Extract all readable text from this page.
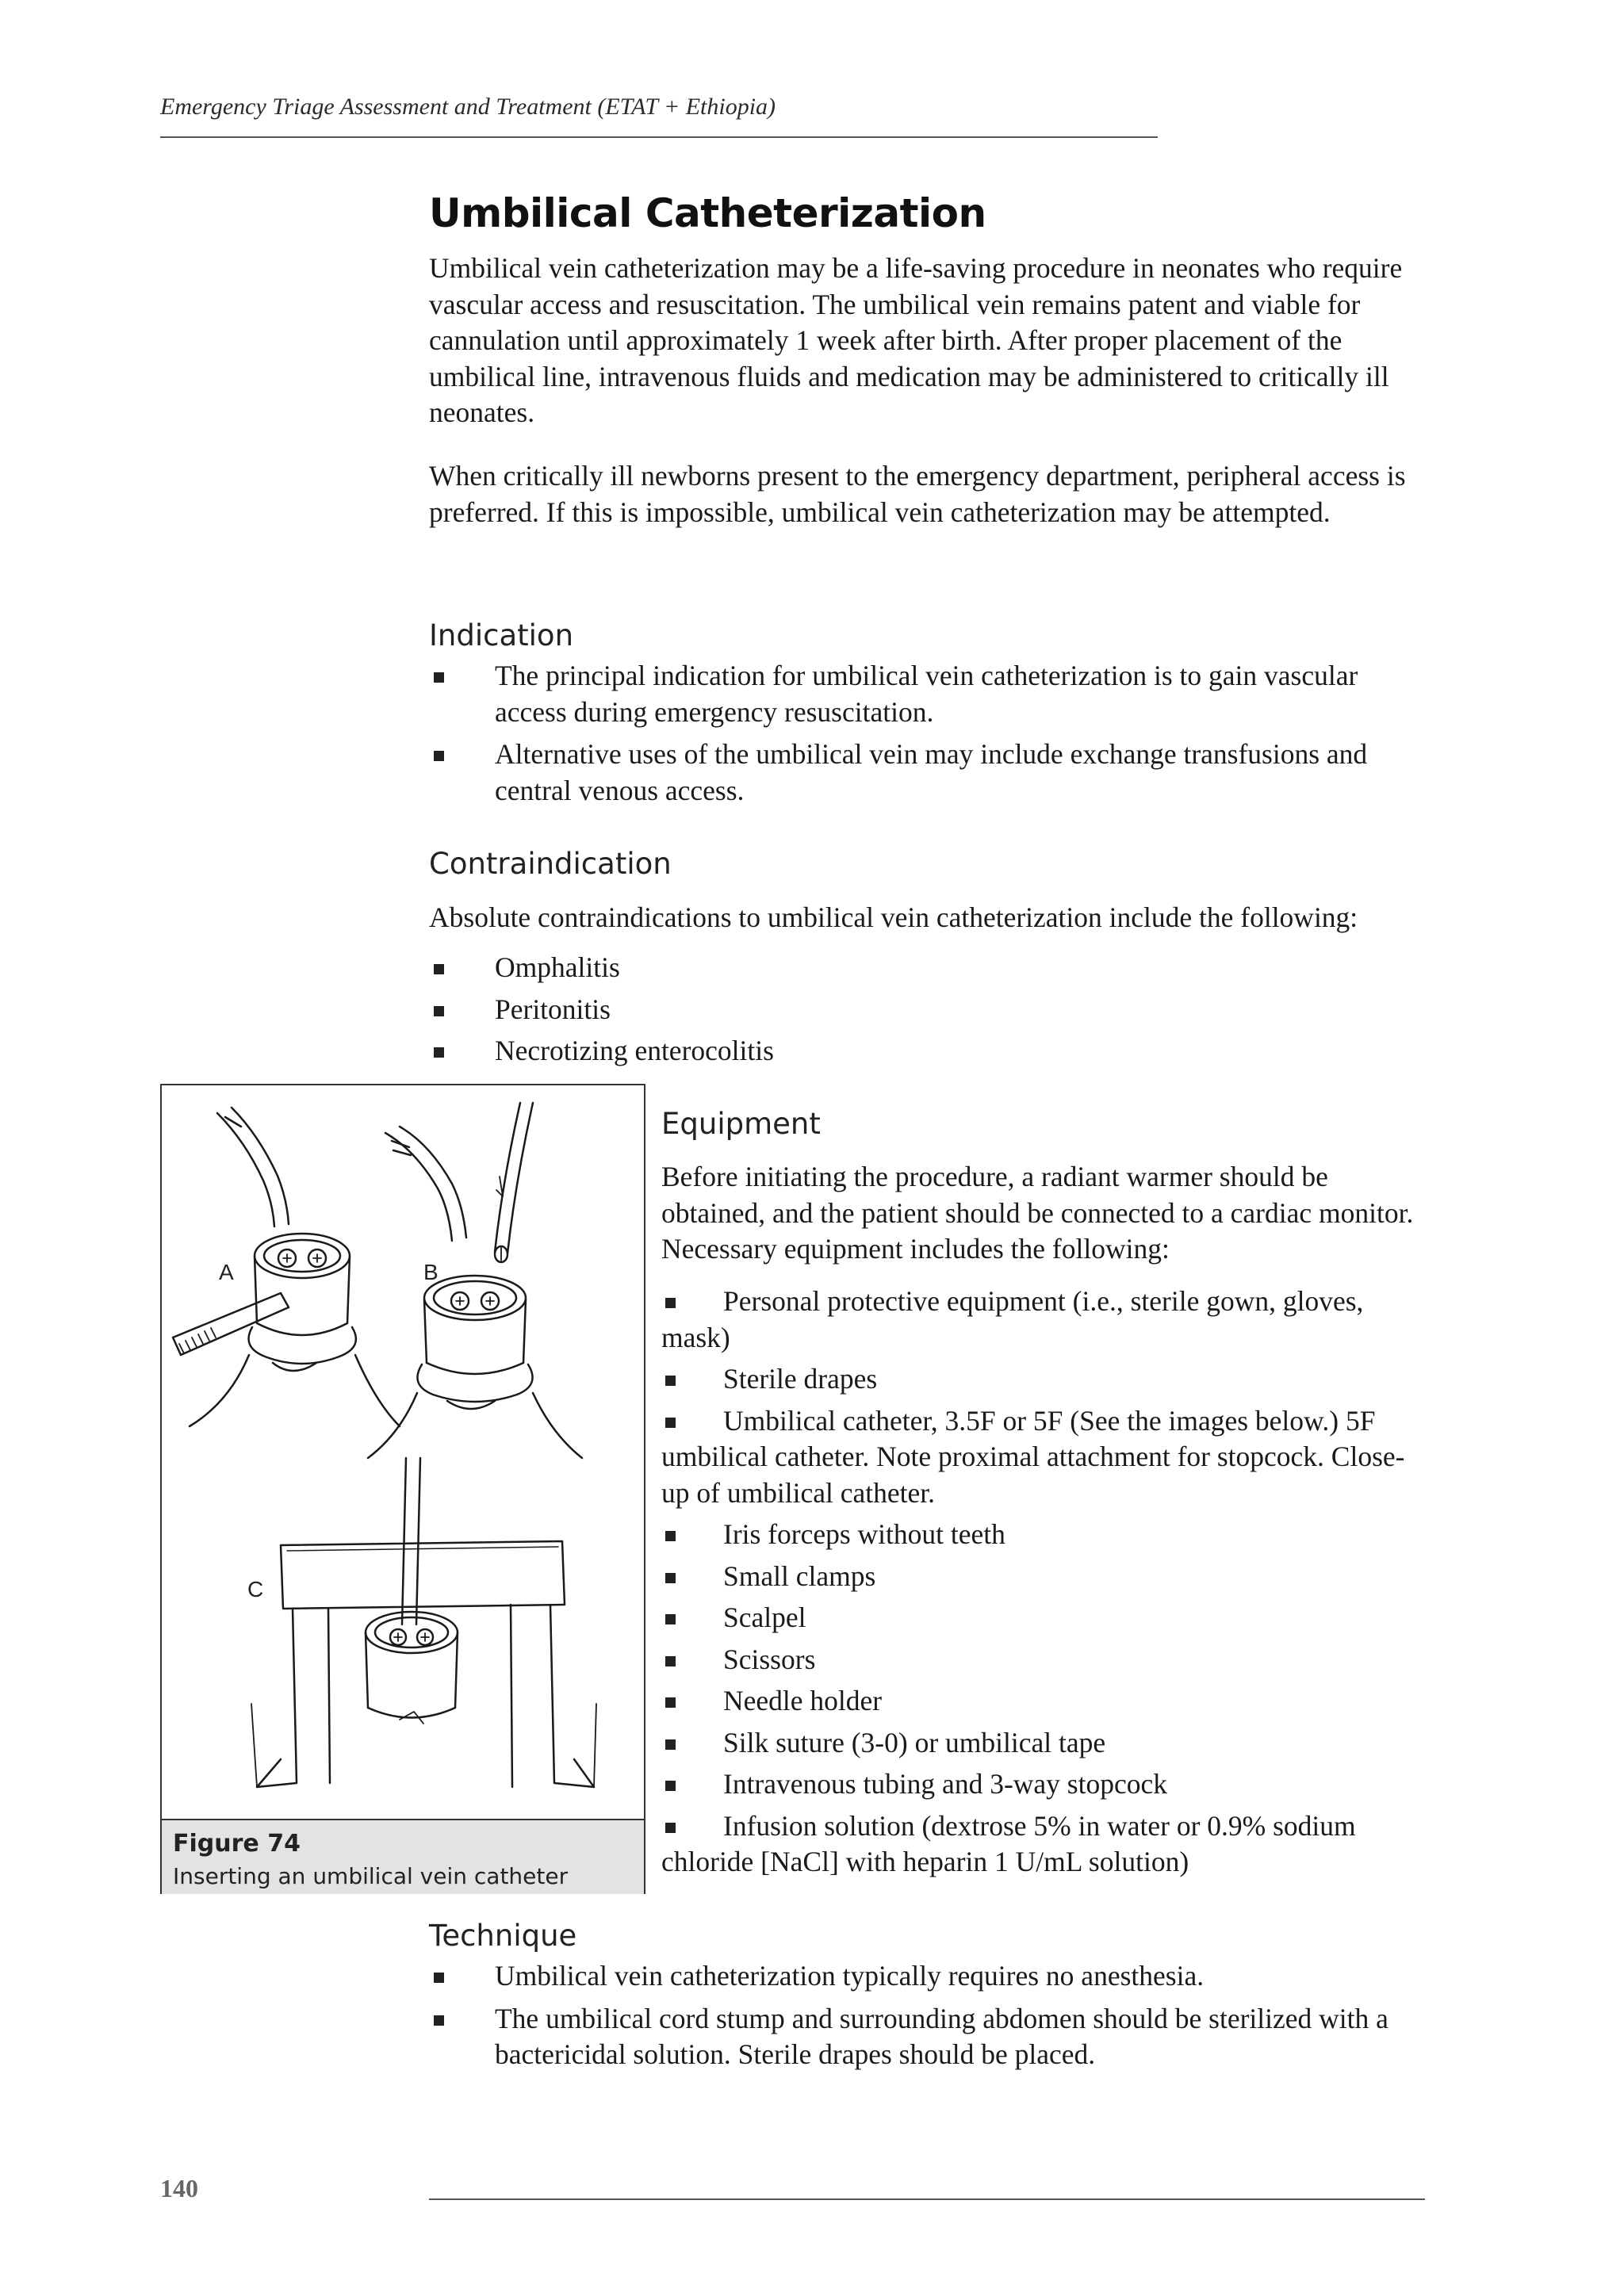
Emergency Triage Assessment and Treatment (ETAT + Ethiopia)
Umbilical Catheterization

Umbilical vein catheterization may be a life-saving procedure in neonates who require vascular access and resuscitation. The umbilical vein remains patent and viable for cannulation until approximately 1 week after birth. After proper placement of the umbilical line, intravenous fluids and medication may be administered to critically ill neonates.

When critically ill newborns present to the emergency department, peripheral access is preferred. If this is impossible, umbilical vein catheterization may be attempted.

Indication
The principal indication for umbilical vein catheterization is to gain vascular access during emergency resuscitation.
Alternative uses of the umbilical vein may include exchange transfusions and central venous access.
Contraindication

Absolute contraindications to umbilical vein catheterization include the following:

Omphalitis
Peritonitis
Necrotizing enterocolitis
A	B
C
Figure 74
Inserting an umbilical vein catheter
Equipment

Before initiating the procedure, a radiant warmer should be obtained, and the patient should be connected to a cardiac monitor. Necessary equipment includes the following:

Personal protective equipment (i.e., sterile gown, gloves, mask)
Sterile drapes
Umbilical catheter, 3.5F or 5F (See the images below.) 5F umbilical catheter. Note proximal attachment for stopcock. Close-up of umbilical catheter.
Iris forceps without teeth
Small clamps
Scalpel
Scissors
Needle holder
Silk suture (3-0) or umbilical tape
Intravenous tubing and 3-way stopcock
Infusion solution (dextrose 5% in water or 0.9% sodium chloride [NaCl] with heparin 1 U/mL solution)
Technique
Umbilical vein catheterization typically requires no anesthesia.
The umbilical cord stump and surrounding abdomen should be sterilized with a bactericidal solution. Sterile drapes should be placed.
140
